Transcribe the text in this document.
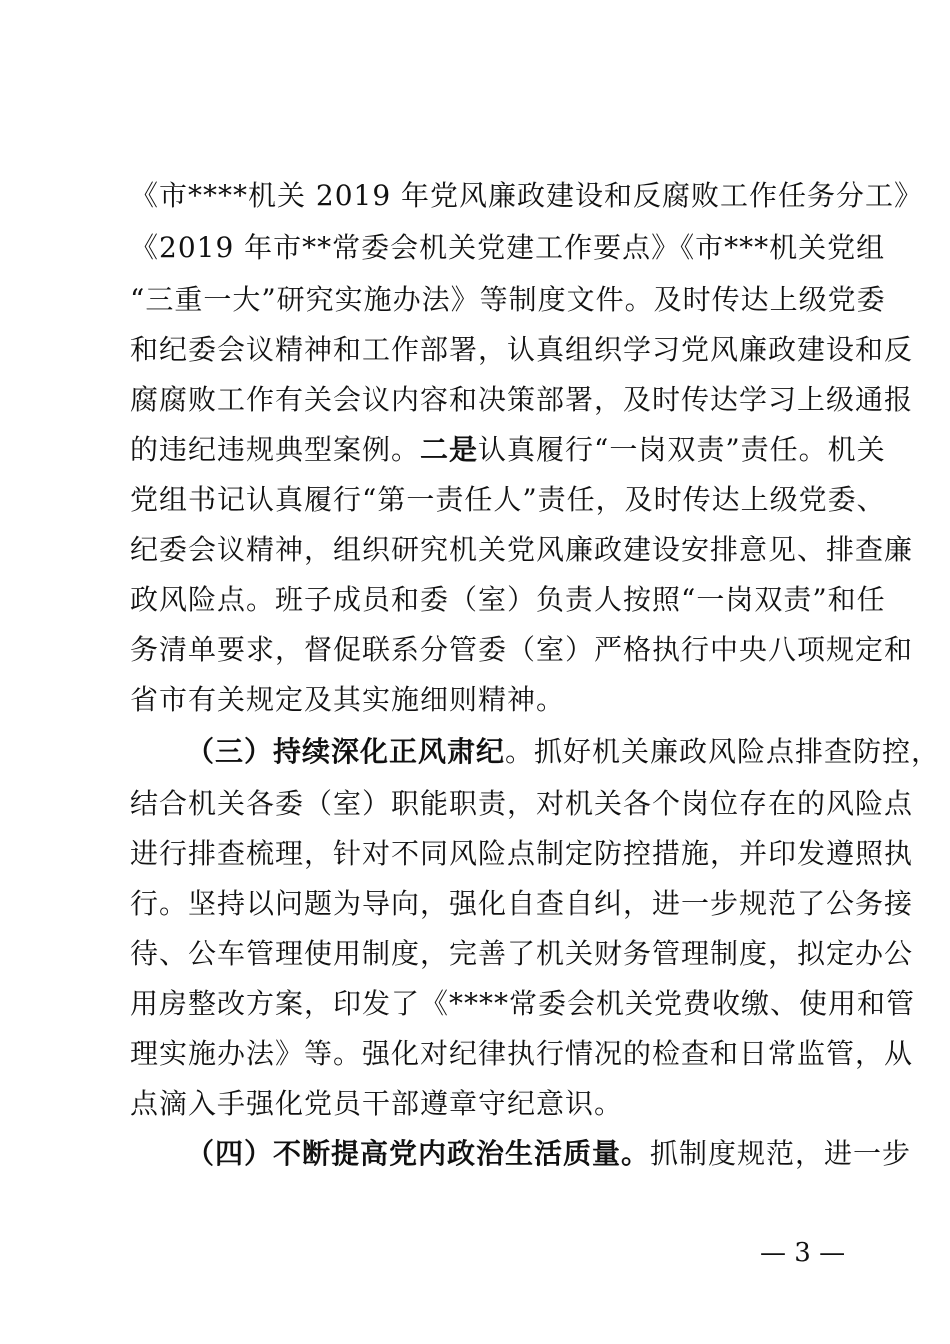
《市****机关 2019 年党风廉政建设和反腐败工作任务分工》
《2019 年市**常委会机关党建工作要点》《市***机关党组
“三重一大”研究实施办法》等制度文件。及时传达上级党委
和纪委会议精神和工作部署，认真组织学习党风廉政建设和反
腐腐败工作有关会议内容和决策部署，及时传达学习上级通报
的违纪违规典型案例。二是认真履行“一岗双责”责任。机关
党组书记认真履行“第一责任人”责任，及时传达上级党委、
纪委会议精神，组织研究机关党风廉政建设安排意见、排查廉
政风险点。班子成员和委（室）负责人按照“一岗双责”和任
务清单要求，督促联系分管委（室）严格执行中央八项规定和
省市有关规定及其实施细则精神。
（三）持续深化正风肃纪。抓好机关廉政风险点排查防控，
结合机关各委（室）职能职责，对机关各个岗位存在的风险点
进行排查梳理，针对不同风险点制定防控措施，并印发遵照执
行。坚持以问题为导向，强化自查自纠，进一步规范了公务接
待、公车管理使用制度，完善了机关财务管理制度，拟定办公
用房整改方案，印发了《****常委会机关党费收缴、使用和管
理实施办法》等。强化对纪律执行情况的检查和日常监管，从
点滴入手强化党员干部遵章守纪意识。
（四）不断提高党内政治生活质量。抓制度规范，进一步
— 3 —
